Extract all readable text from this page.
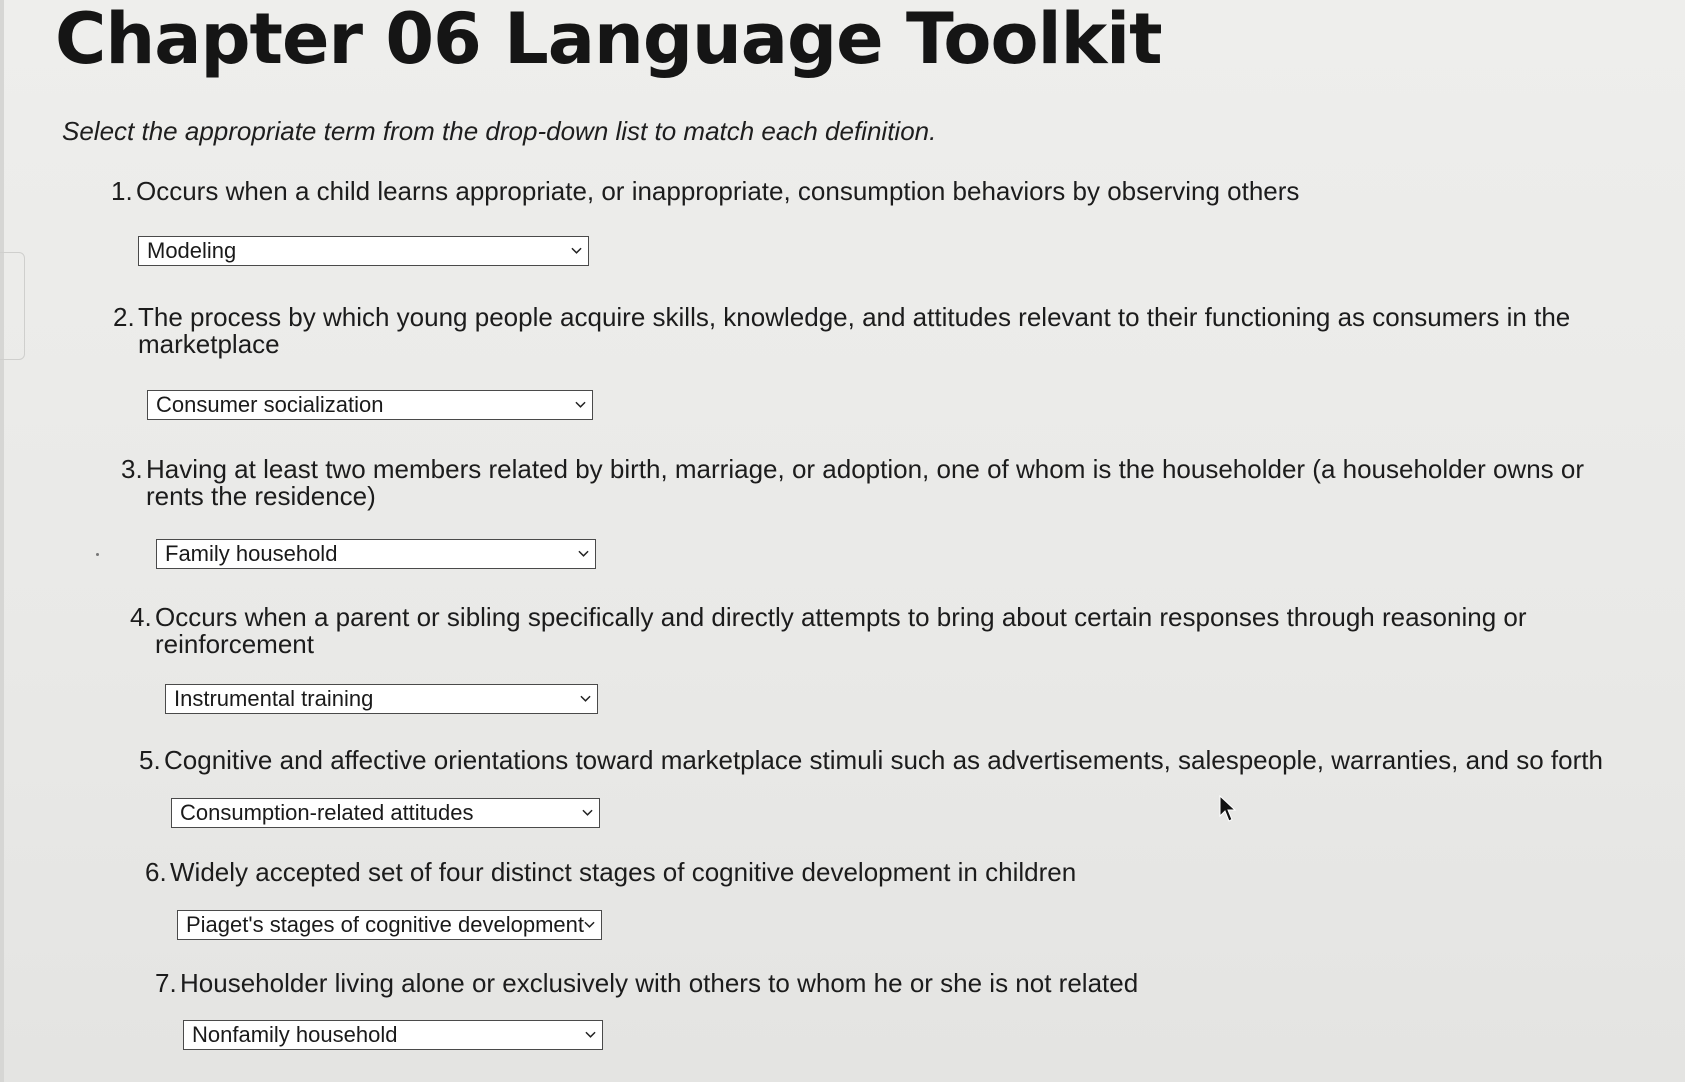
Chapter 06 Language Toolkit

Select the appropriate term from the drop-down list to match each definition.

1. Occurs when a child learns appropriate, or inappropriate, consumption behaviors by observing others
Modeling
2. The process by which young people acquire skills, knowledge, and attitudes relevant to their functioning as consumers in the marketplace
Consumer socialization
3. Having at least two members related by birth, marriage, or adoption, one of whom is the householder (a householder owns or rents the residence)
Family household
4. Occurs when a parent or sibling specifically and directly attempts to bring about certain responses through reasoning or reinforcement
Instrumental training
5. Cognitive and affective orientations toward marketplace stimuli such as advertisements, salespeople, warranties, and so forth
Consumption-related attitudes
6. Widely accepted set of four distinct stages of cognitive development in children
Piaget's stages of cognitive development
7. Householder living alone or exclusively with others to whom he or she is not related
Nonfamily household
